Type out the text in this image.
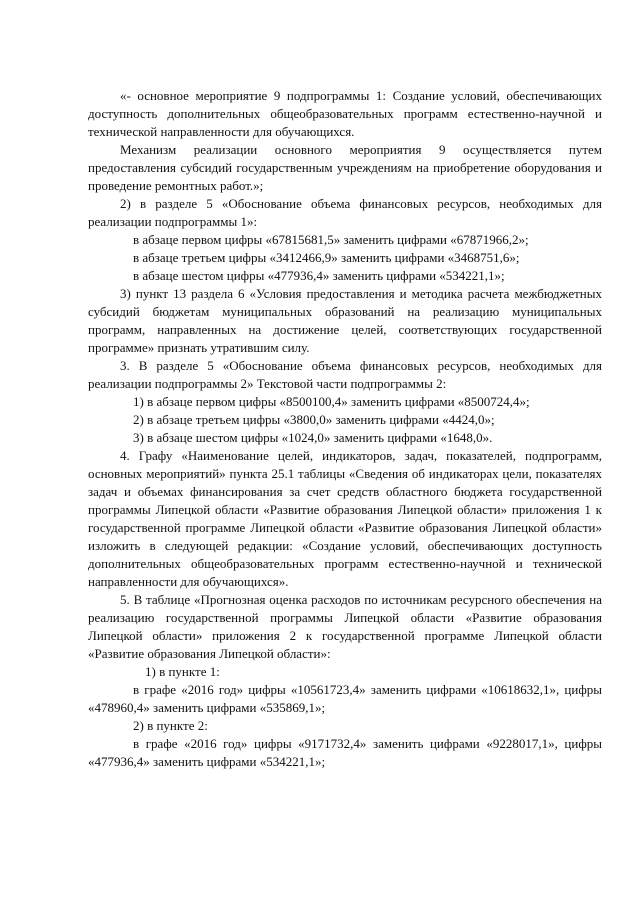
«- основное мероприятие 9 подпрограммы 1: Создание условий, обеспечивающих доступность дополнительных общеобразовательных программ естественно-научной и технической направленности для обучающихся.

Механизм реализации основного мероприятия 9 осуществляется путем предоставления субсидий государственным учреждениям на приобретение оборудования и проведение ремонтных работ.»;

2) в разделе 5 «Обоснование объема финансовых ресурсов, необходимых для реализации подпрограммы 1»:

в абзаце первом цифры «67815681,5» заменить цифрами «67871966,2»;

в абзаце третьем цифры «3412466,9» заменить цифрами «3468751,6»;

в абзаце шестом цифры «477936,4» заменить цифрами «534221,1»;

3) пункт 13 раздела 6 «Условия предоставления и методика расчета межбюджетных субсидий бюджетам муниципальных образований на реализацию муниципальных программ, направленных на достижение целей, соответствующих государственной программе» признать утратившим силу.

3. В разделе 5 «Обоснование объема финансовых ресурсов, необходимых для реализации подпрограммы 2» Текстовой части подпрограммы 2:

1) в абзаце первом цифры «8500100,4» заменить цифрами «8500724,4»;

2) в абзаце третьем цифры «3800,0» заменить цифрами «4424,0»;

3) в абзаце шестом цифры «1024,0» заменить цифрами «1648,0».

4. Графу «Наименование целей, индикаторов, задач, показателей, подпрограмм, основных мероприятий» пункта 25.1 таблицы «Сведения об индикаторах цели, показателях задач и объемах финансирования за счет средств областного бюджета государственной программы Липецкой области «Развитие образования Липецкой области» приложения 1 к государственной программе Липецкой области «Развитие образования Липецкой области» изложить в следующей редакции: «Создание условий, обеспечивающих доступность дополнительных общеобразовательных программ естественно-научной и технической направленности для обучающихся».

5. В таблице «Прогнозная оценка расходов по источникам ресурсного обеспечения на реализацию государственной программы Липецкой области «Развитие образования Липецкой области» приложения 2 к государственной программе Липецкой области «Развитие образования Липецкой области»:

1) в пункте 1:

в графе «2016 год» цифры «10561723,4» заменить цифрами «10618632,1», цифры «478960,4» заменить цифрами «535869,1»;

2) в пункте 2:

в графе «2016 год» цифры «9171732,4» заменить цифрами «9228017,1», цифры «477936,4» заменить цифрами «534221,1»;
